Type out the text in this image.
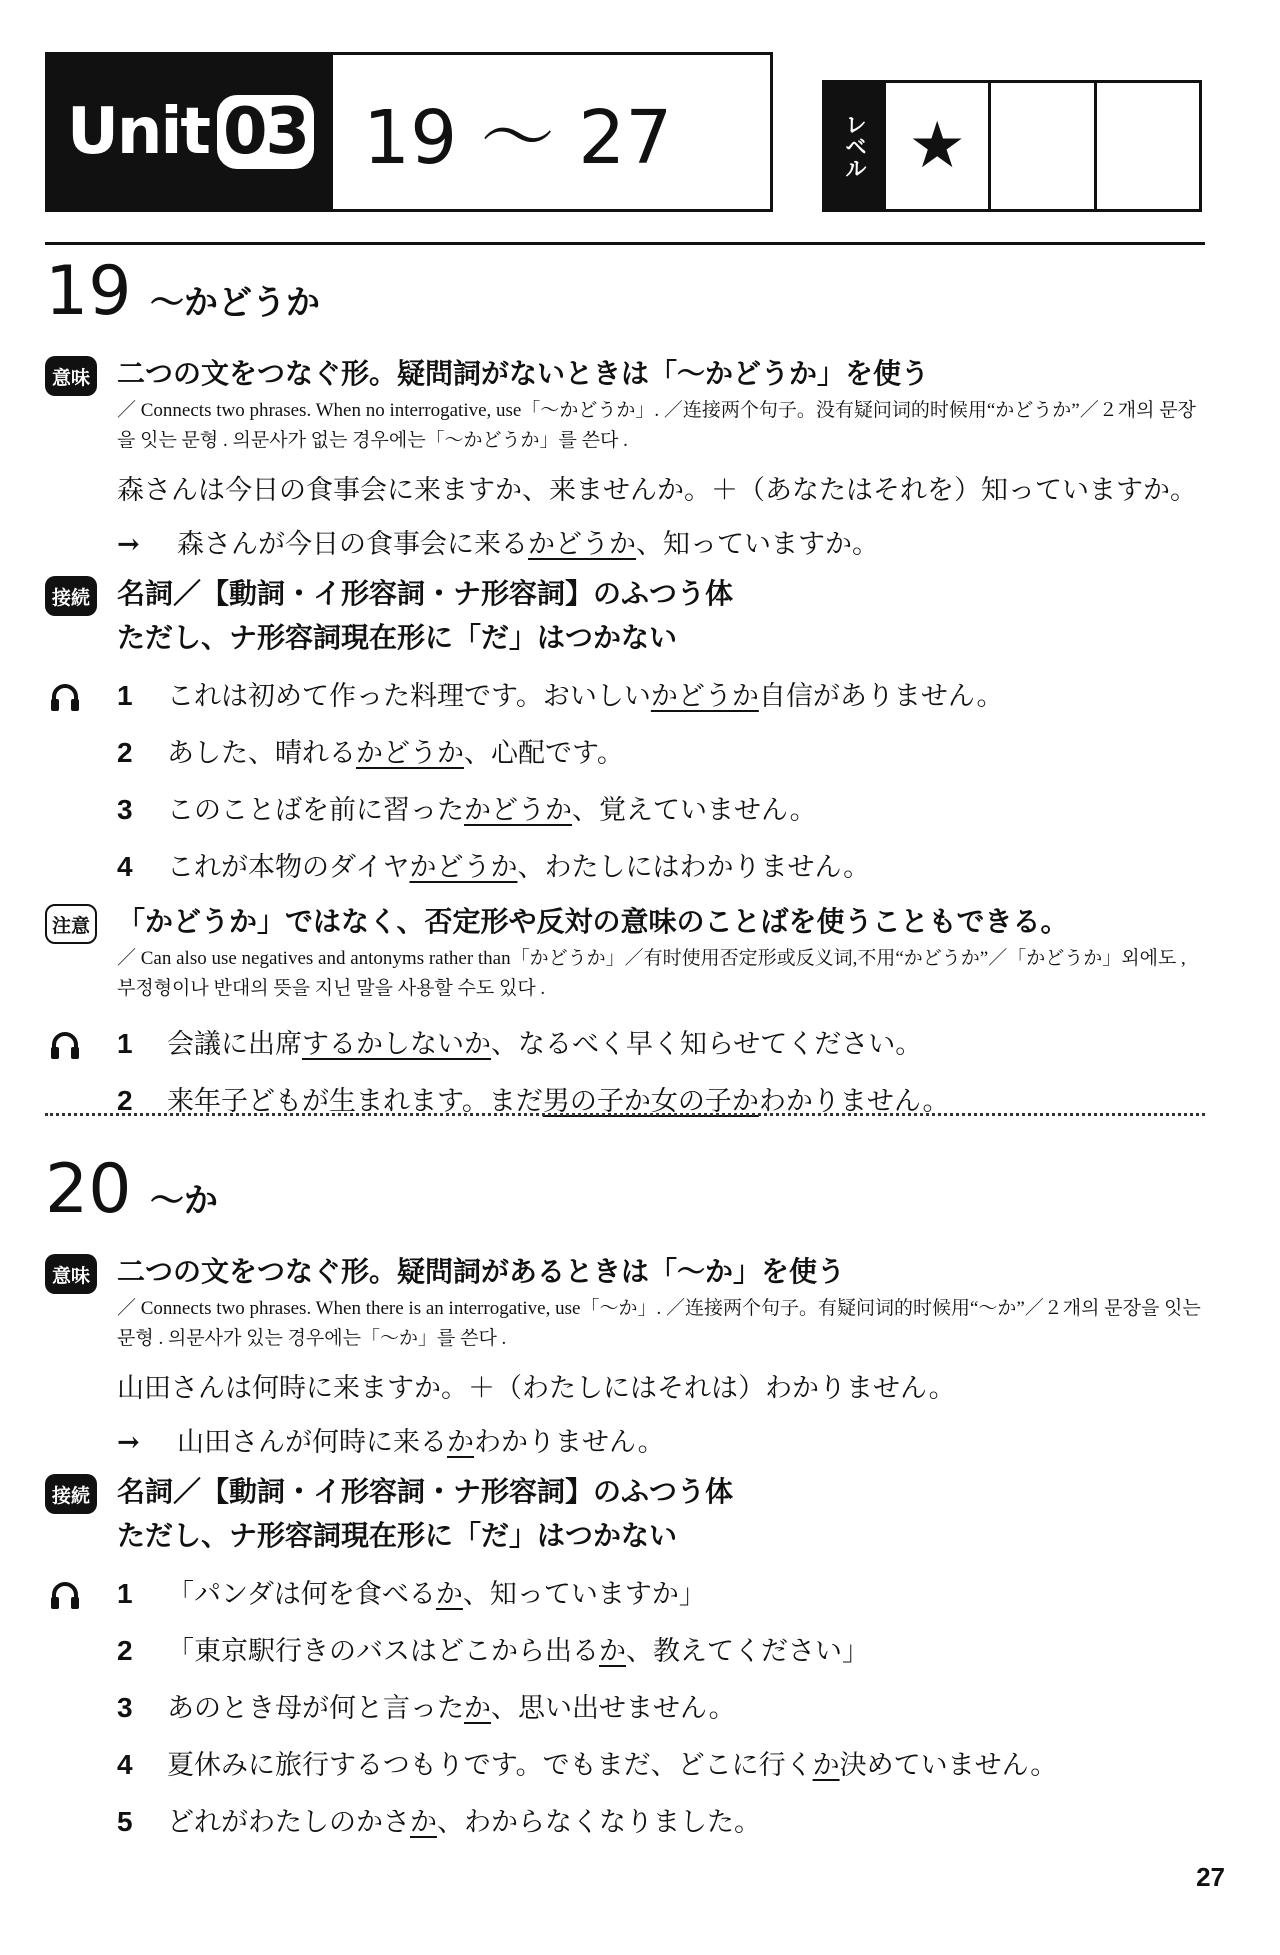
Unit 03 19 ～ 27	レベル ★
19 ～かどうか
意味 二つの文をつなぐ形。疑問詞がないときは「～かどうか」を使う
／ Connects two phrases. When no interrogative, use「～かどうか」. ／连接两个句子。没有疑问词的时候用“かどうか”／２개의 문장을 잇는 문형 . 의문사가 없는 경우에는「～かどうか」를 쓴다 .
森さんは今日の食事会に来ますか、来ませんか。＋（あなたはそれを）知っていますか。
→ 森さんが今日の食事会に来るかどうか、知っていますか。
接続 名詞／【動詞・イ形容詞・ナ形容詞】のふつう体
ただし、ナ形容詞現在形に「だ」はつかない
1 これは初めて作った料理です。おいしいかどうか自信がありません。
2 あした、晴れるかどうか、心配です。
3 このことばを前に習ったかどうか、覚えていません。
4 これが本物のダイヤかどうか、わたしにはわかりません。
注意 「かどうか」ではなく、否定形や反対の意味のことばを使うこともできる。
／ Can also use negatives and antonyms rather than「かどうか」／有时使用否定形或反义词,不用“かどうか”／「かどうか」외에도 , 부정형이나 반대의 뜻을 지닌 말을 사용할 수도 있다 .
1 会議に出席するかしないか、なるべく早く知らせてください。
2 来年子どもが生まれます。まだ男の子か女の子かわかりません。
20 ～か
意味 二つの文をつなぐ形。疑問詞があるときは「～か」を使う
／ Connects two phrases. When there is an interrogative, use「～か」. ／连接两个句子。有疑问词的时候用“～か”／２개의 문장을 잇는 문형 . 의문사가 있는 경우에는「～か」를 쓴다 .
山田さんは何時に来ますか。＋（わたしにはそれは）わかりません。
→ 山田さんが何時に来るかわかりません。
接続 名詞／【動詞・イ形容詞・ナ形容詞】のふつう体
ただし、ナ形容詞現在形に「だ」はつかない
1 「パンダは何を食べるか、知っていますか」
2 「東京駅行きのバスはどこから出るか、教えてください」
3 あのとき母が何と言ったか、思い出せません。
4 夏休みに旅行するつもりです。でもまだ、どこに行くか決めていません。
5 どれがわたしのかさか、わからなくなりました。
27
